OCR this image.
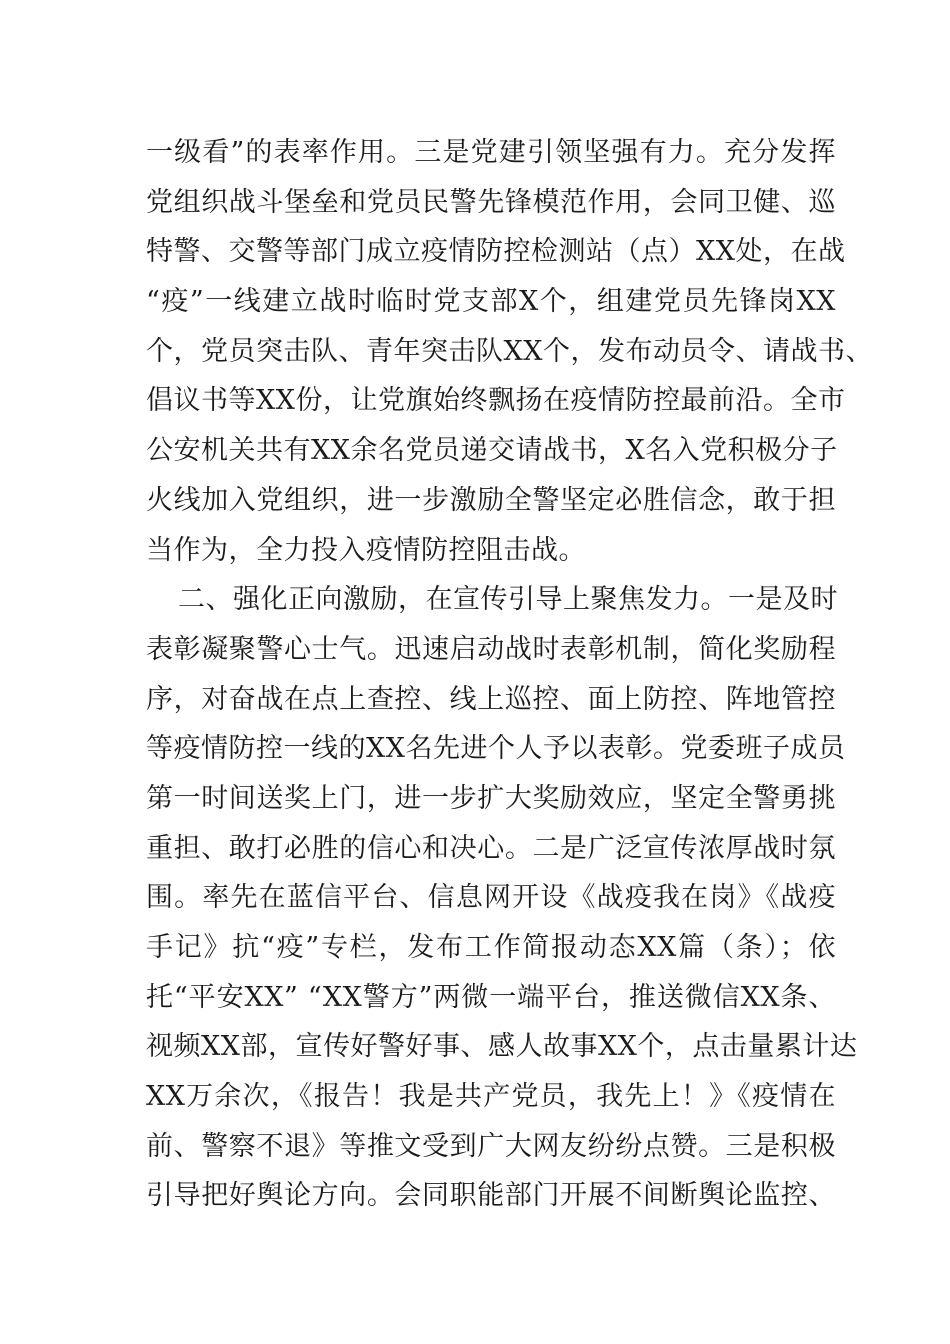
一级看”的表率作用。三是党建引领坚强有力。充分发挥
党组织战斗堡垒和党员民警先锋模范作用，会同卫健、巡
特警、交警等部门成立疫情防控检测站（点）XX处，在战
“疫”一线建立战时临时党支部X个，组建党员先锋岗XX
个，党员突击队、青年突击队XX个，发布动员令、请战书、
倡议书等XX份，让党旗始终飘扬在疫情防控最前沿。全市
公安机关共有XX余名党员递交请战书，X名入党积极分子
火线加入党组织，进一步激励全警坚定必胜信念，敢于担
当作为，全力投入疫情防控阻击战。
二、强化正向激励，在宣传引导上聚焦发力。一是及时
表彰凝聚警心士气。迅速启动战时表彰机制，简化奖励程
序，对奋战在点上查控、线上巡控、面上防控、阵地管控
等疫情防控一线的XX名先进个人予以表彰。党委班子成员
第一时间送奖上门，进一步扩大奖励效应，坚定全警勇挑
重担、敢打必胜的信心和决心。二是广泛宣传浓厚战时氛
围。率先在蓝信平台、信息网开设《战疫我在岗》《战疫
手记》抗“疫”专栏，发布工作简报动态XX篇（条）；依
托“平安XX” “XX警方”两微一端平台，推送微信XX条、
视频XX部，宣传好警好事、感人故事XX个，点击量累计达
XX万余次，《报告！我是共产党员，我先上！》《疫情在
前、警察不退》等推文受到广大网友纷纷点赞。三是积极
引导把好舆论方向。会同职能部门开展不间断舆论监控、
